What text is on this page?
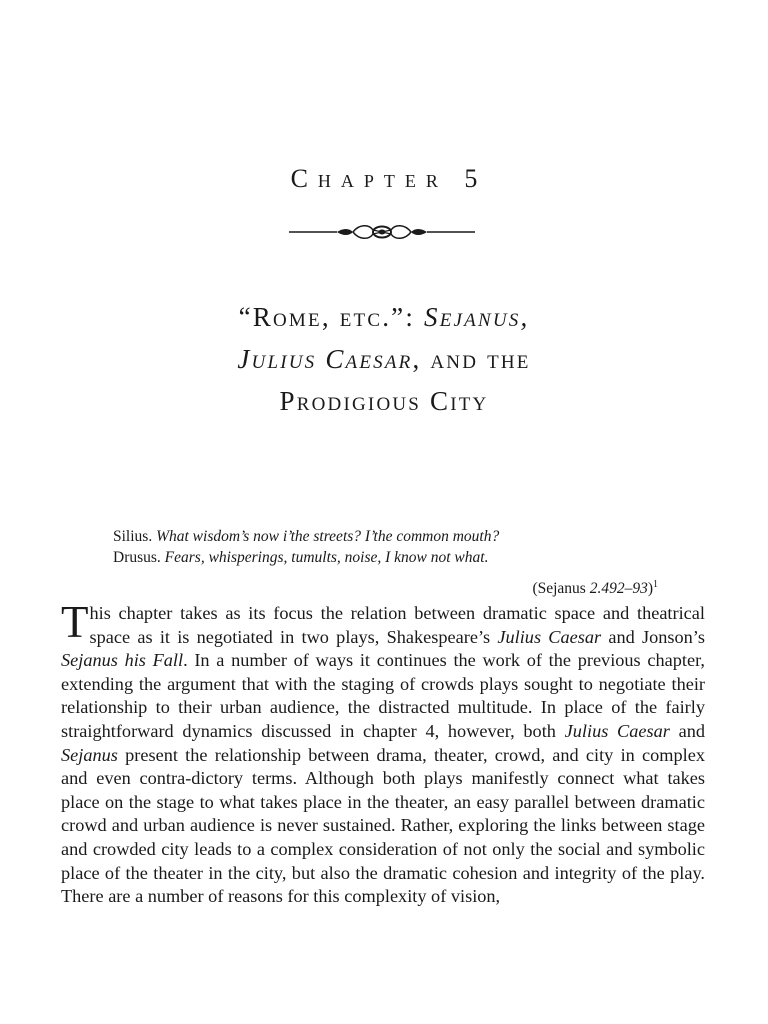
Chapter 5
“Rome, etc.”: Sejanus,
Julius Caesar, and the
Prodigious City
Silius. What wisdom’s now i’the streets? I’the common mouth?
Drusus. Fears, whisperings, tumults, noise, I know not what.
(Sejanus 2.492–93)$^1$
This chapter takes as its focus the relation between dramatic space and theatrical space as it is negotiated in two plays, Shakespeare’s Julius Caesar and Jonson’s Sejanus his Fall. In a number of ways it continues the work of the previous chapter, extending the argument that with the staging of crowds plays sought to negotiate their relationship to their urban audience, the distracted multitude. In place of the fairly straightforward dynamics discussed in chapter 4, however, both Julius Caesar and Sejanus present the relationship between drama, theater, crowd, and city in complex and even contra-dictory terms. Although both plays manifestly connect what takes place on the stage to what takes place in the theater, an easy parallel between dramatic crowd and urban audience is never sustained. Rather, exploring the links between stage and crowded city leads to a complex consideration of not only the social and symbolic place of the theater in the city, but also the dramatic cohesion and integrity of the play. There are a number of reasons for this complexity of vision,
